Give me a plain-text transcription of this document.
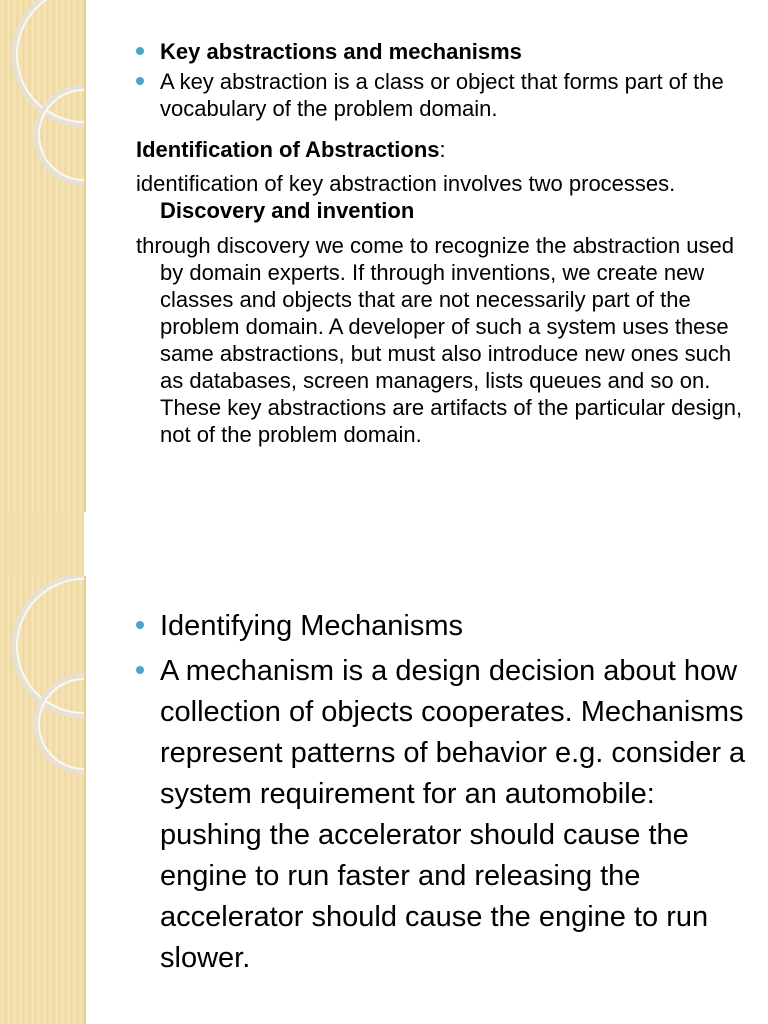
Key abstractions and mechanisms
A key abstraction is a class or object that forms part of the vocabulary of the problem domain.
Identification of Abstractions:
identification of key abstraction involves two processes. Discovery and invention
through discovery we come to recognize the abstraction used by domain experts. If through inventions, we create new classes and objects that are not necessarily part of the problem domain. A developer of such a system uses these same abstractions, but must also introduce new ones such as databases, screen managers, lists queues and so on. These key abstractions are artifacts of the particular design, not of the problem domain.
Identifying Mechanisms
A mechanism is a design decision about how collection of objects cooperates. Mechanisms represent patterns of behavior e.g. consider a system requirement for an automobile: pushing the accelerator should cause the engine to run faster and releasing the accelerator should cause the engine to run slower.
